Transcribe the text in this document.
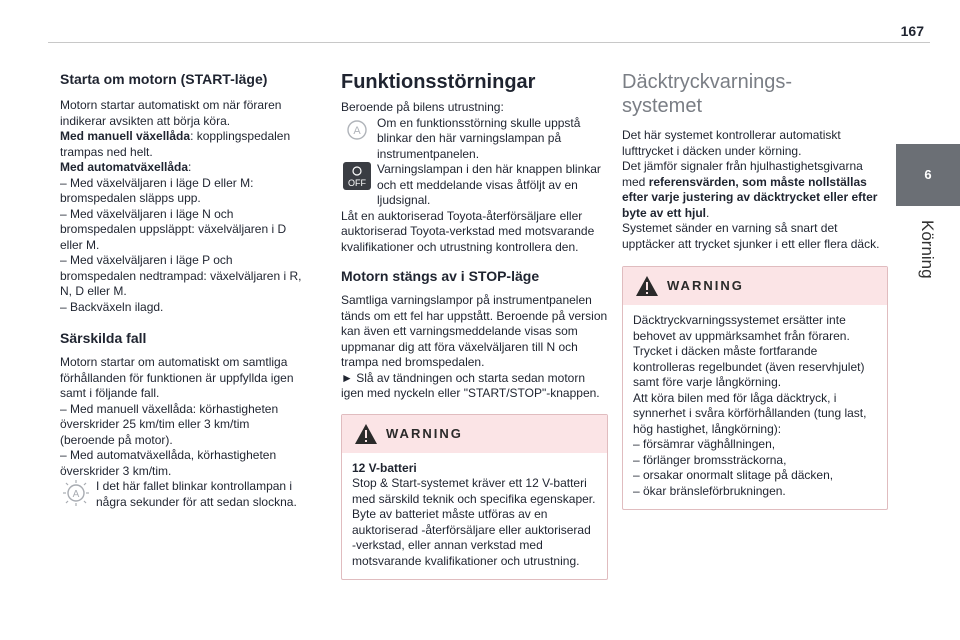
167
6
Körning
Starta om motorn (START-läge)

Motorn startar automatiskt om när föraren indikerar avsikten att börja köra.

Med manuell växellåda: kopplingspedalen trampas ned helt.

Med automatväxellåda:

– Med växelväljaren i läge D eller M: bromspedalen släpps upp.
– Med växelväljaren i läge N och bromspedalen uppsläppt: växelväljaren i D eller M.
– Med växelväljaren i läge P och bromspedalen nedtrampad: växelväljaren i R, N, D eller M.
– Backväxeln ilagd.
Särskilda fall

Motorn startar om automatiskt om samtliga förhållanden för funktionen är uppfyllda igen samt i följande fall.

– Med manuell växellåda: körhastigheten överskrider 25 km/tim eller 3 km/tim (beroende på motor).
– Med automatväxellåda, körhastigheten överskrider 3 km/tim.
A
I det här fallet blinkar kontrollampan i några sekunder för att sedan slockna.
Funktionsstörningar

Beroende på bilens utrustning:

A
Om en funktionsstörning skulle uppstå blinkar den här varningslampan på instrumentpanelen.

OFF
Varningslampan i den här knappen blinkar och ett meddelande visas åtföljt av en ljudsignal.

Låt en auktoriserad Toyota-återförsäljare eller auktoriserad Toyota-verkstad med motsvarande kvalifikationer och utrustning kontrollera den.

Motorn stängs av i STOP-läge

Samtliga varningslampor på instrumentpanelen tänds om ett fel har uppstått. Beroende på version kan även ett varningsmeddelande visas som uppmanar dig att föra växelväljaren till N och trampa ned bromspedalen.

► Slå av tändningen och starta sedan motorn igen med nyckeln eller "START/STOP"-knappen.

WARNING
12 V-batteri
Stop & Start-systemet kräver ett 12 V-batteri med särskild teknik och specifika egenskaper. Byte av batteriet måste utföras av en auktoriserad -återförsäljare eller auktoriserad -verkstad, eller annan verkstad med motsvarande kvalifikationer och utrustning.
Däcktryckvarnings-
systemet

Det här systemet kontrollerar automatiskt lufttrycket i däcken under körning.

Det jämför signaler från hjulhastighetsgivarna med referensvärden, som måste nollställas efter varje justering av däcktrycket eller efter byte av ett hjul.

Systemet sänder en varning så snart det upptäcker att trycket sjunker i ett eller flera däck.

WARNING

Däcktryckvarningssystemet ersätter inte behovet av uppmärksamhet från föraren.

Trycket i däcken måste fortfarande kontrolleras regelbundet (även reservhjulet) samt före varje långkörning.

Att köra bilen med för låga däcktryck, i synnerhet i svåra körförhållanden (tung last, hög hastighet, långkörning):

– försämrar väghållningen,
– förlänger bromssträckorna,
– orsakar onormalt slitage på däcken,
– ökar bränsleförbrukningen.
